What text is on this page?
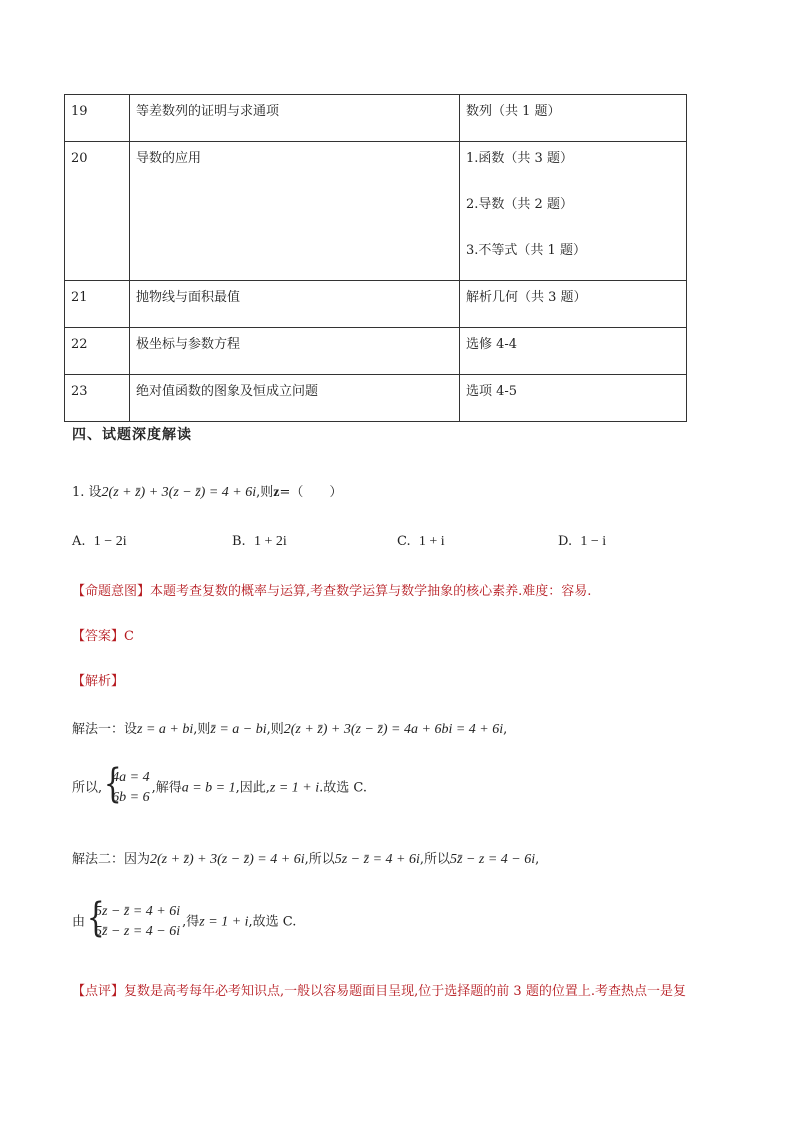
19	等差数列的证明与求通项	数列（共 1 题）

20	导数的应用	1.函数（共 3 题）
2.导数（共 2 题）
3.不等式（共 1 题）

21	抛物线与面积最值	解析几何（共 3 题）

22	极坐标与参数方程	选修 4-4

23	绝对值函数的图象及恒成立问题	选项 4-5
四、试题深度解读
1. 设2(z + z̄) + 3(z − z̄) = 4 + 6i,则z=（　　）
A. 1 − 2i	B. 1 + 2i	C. 1 + i	D. 1 − i
【命题意图】本题考查复数的概率与运算,考查数学运算与数学抽象的核心素养.难度：容易.
【答案】C
【解析】
解法一：设z = a + bi,则z̄ = a − bi,则2(z + z̄) + 3(z − z̄) = 4a + 6bi = 4 + 6i,
所以, {
4a = 4
6b = 6
,解得a = b = 1,因此,z = 1 + i.故选 C.
解法二：因为2(z + z̄) + 3(z − z̄) = 4 + 6i,所以5z − z̄ = 4 + 6i,所以5z̄ − z = 4 − 6i,
由 {
5z − z̄ = 4 + 6i
5z̄ − z = 4 − 6i
,得z = 1 + i,故选 C.
【点评】复数是高考每年必考知识点,一般以容易题面目呈现,位于选择题的前 3 题的位置上.考查热点一是复
